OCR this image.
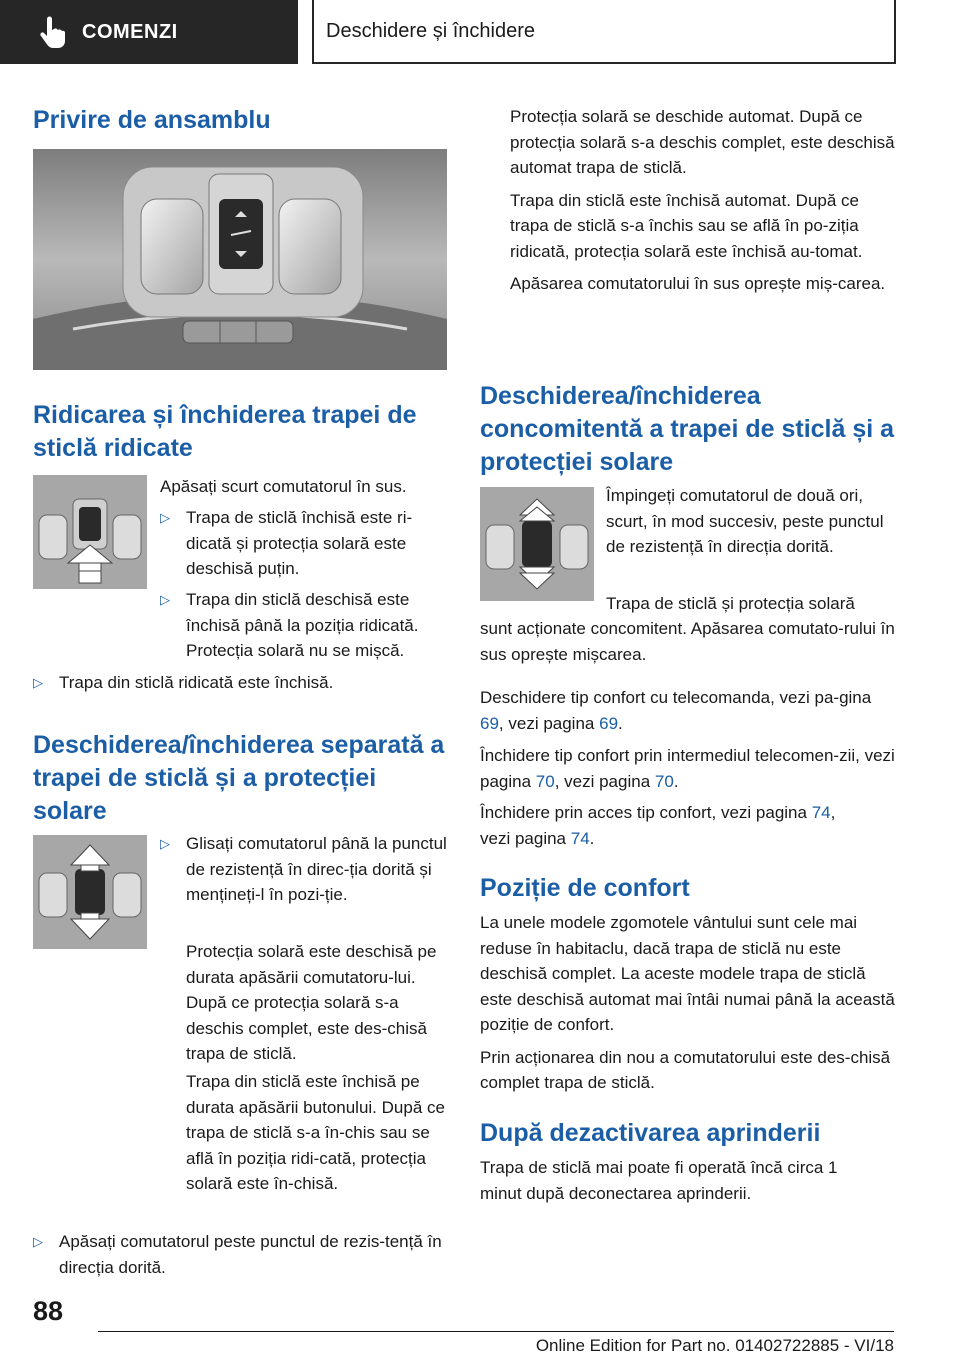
COMENZI	Deschidere și închidere
Privire de ansamblu
Ridicarea și închiderea trapei de sticlă ridicate
Apăsați scurt comutatorul în sus.
▷ Trapa de sticlă închisă este ri-dicată și protecția solară este deschisă puțin.
▷ Trapa din sticlă deschisă este închisă până la poziția ridicată. Protecția solară nu se mișcă.
▷ Trapa din sticlă ridicată este închisă.
Deschiderea/închiderea separată a trapei de sticlă și a protecției solare
▷ Glisați comutatorul până la punctul de rezistență în direc-ția dorită și mențineți-l în pozi-ție.
Protecția solară este deschisă pe durata apăsării comutatoru-lui. După ce protecția solară s-a deschis complet, este des-chisă trapa de sticlă.
Trapa din sticlă este închisă pe durata apăsării butonului. După ce trapa de sticlă s-a în-chis sau se află în poziția ridi-cată, protecția solară este în-chisă.
▷ Apăsați comutatorul peste punctul de rezis-tență în direcția dorită.

Protecția solară se deschide automat. După ce protecția solară s-a deschis complet, este deschisă automat trapa de sticlă.

Trapa din sticlă este închisă automat. După ce trapa de sticlă s-a închis sau se află în po-ziția ridicată, protecția solară este închisă au-tomat.

Apăsarea comutatorului în sus oprește miș-carea.

Deschiderea/închiderea concomitentă a trapei de sticlă și a protecției solare
Împingeți comutatorul de două ori, scurt, în mod succesiv, peste punctul de rezistență în direcția dorită.
Trapa de sticlă și protecția solară
sunt acționate concomitent. Apăsarea comutato-rului în sus oprește mișcarea.
Deschidere tip confort cu telecomanda, vezi pa-gina 69, vezi pagina 69.
Închidere tip confort prin intermediul telecomen-zii, vezi pagina 70, vezi pagina 70.
Închidere prin acces tip confort, vezi pagina 74,
vezi pagina 74.
Poziție de confort

La unele modele zgomotele vântului sunt cele mai reduse în habitaclu, dacă trapa de sticlă nu este deschisă complet. La aceste modele trapa de sticlă este deschisă automat mai întâi numai până la această poziție de confort.

Prin acționarea din nou a comutatorului este des-chisă complet trapa de sticlă.

După dezactivarea aprinderii
Trapa de sticlă mai poate fi operată încă circa 1 minut după deconectarea aprinderii.
88
Online Edition for Part no. 01402722885 - VI/18
